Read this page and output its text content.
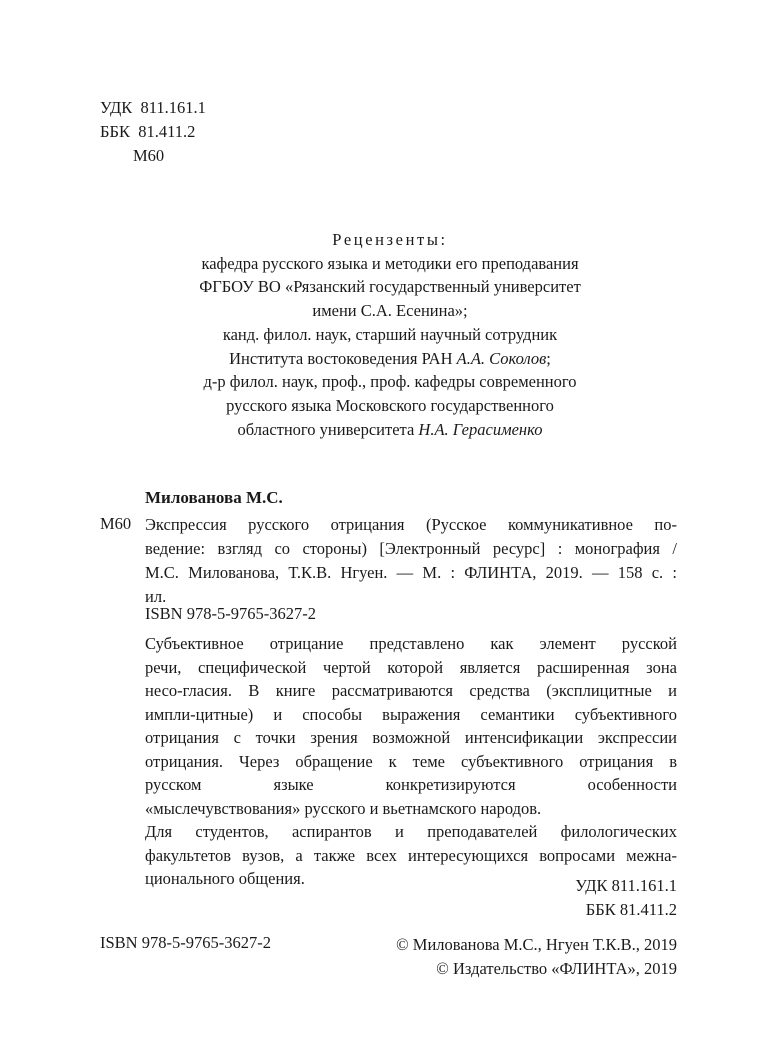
УДК  811.161.1
ББК  81.411.2
М60
Рецензенты:
кафедра русского языка и методики его преподавания
ФГБОУ ВО «Рязанский государственный университет
имени С.А. Есенина»;
канд. филол. наук, старший научный сотрудник
Института востоковедения РАН А.А. Соколов;
д-р филол. наук, проф., проф. кафедры современного
русского языка Московского государственного
областного университета Н.А. Герасименко
Милованова М.С.
М60 Экспрессия русского отрицания (Русское коммуникативное по-
ведение: взгляд со стороны) [Электронный ресурс] : монография /
М.С. Милованова, Т.К.В. Нгуен. — М. : ФЛИНТА, 2019. — 158 с. :
ил.
ISBN 978-5-9765-3627-2
Субъективное отрицание представлено как элемент русской
речи, специфической чертой которой является расширенная зона
несо-гласия. В книге рассматриваются средства (эксплицитные и
импли-цитные) и способы выражения семантики субъективного
отрицания с точки зрения возможной интенсификации экспрессии
отрицания. Через обращение к теме субъективного отрицания в
русском языке конкретизируются особенности
«мыслечувствования» русского и вьетнамского народов.
Для студентов, аспирантов и преподавателей филологических
факультетов вузов, а также всех интересующихся вопросами межна-
ционального общения.	УДК 811.161.1
ББК 81.411.2
ISBN 978-5-9765-3627-2	© Милованова М.С., Нгуен Т.К.В., 2019
© Издательство «ФЛИНТА», 2019
